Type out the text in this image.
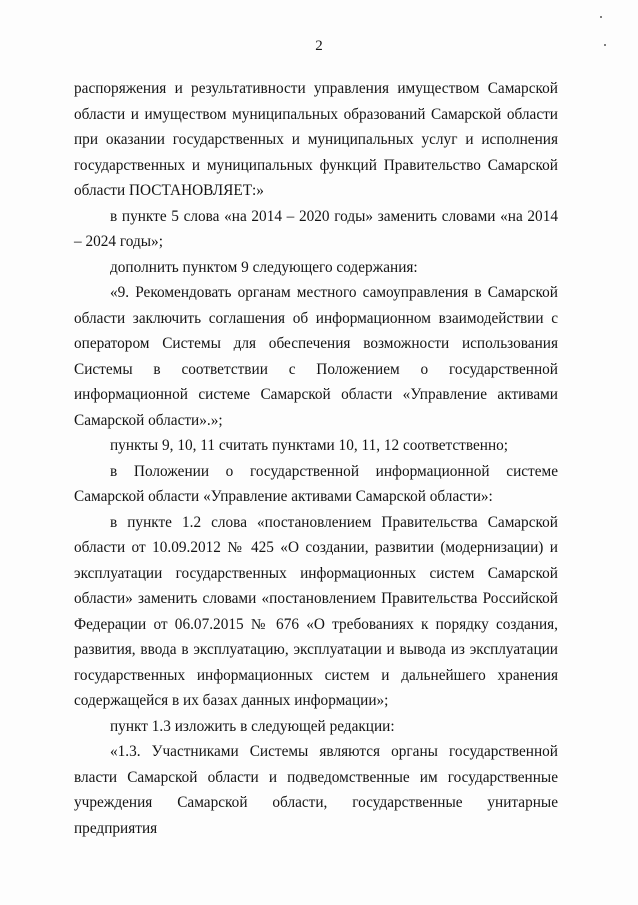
2

распоряжения и результативности управления имуществом Самарской области и имуществом муниципальных образований Самарской области при оказании государственных и муниципальных услуг и исполнения государственных и муниципальных функций Правительство Самарской области ПОСТАНОВЛЯЕТ:»

в пункте 5 слова «на 2014 – 2020 годы» заменить словами «на 2014 – 2024 годы»;

дополнить пунктом 9 следующего содержания:

«9. Рекомендовать органам местного самоуправления в Самарской области заключить соглашения об информационном взаимодействии с оператором Системы для обеспечения возможности использования Системы в соответствии с Положением о государственной информационной системе Самарской области «Управление активами Самарской области».»;

пункты 9, 10, 11 считать пунктами 10, 11, 12 соответственно;

в Положении о государственной информационной системе Самарской области «Управление активами Самарской области»:

в пункте 1.2 слова «постановлением Правительства Самарской области от 10.09.2012 № 425 «О создании, развитии (модернизации) и эксплуатации государственных информационных систем Самарской области» заменить словами «постановлением Правительства Российской Федерации от 06.07.2015 № 676 «О требованиях к порядку создания, развития, ввода в эксплуатацию, эксплуатации и вывода из эксплуатации государственных информационных систем и дальнейшего хранения содержащейся в их базах данных информации»;

пункт 1.3 изложить в следующей редакции:

«1.3. Участниками Системы являются органы государственной власти Самарской области и подведомственные им государственные учреждения Самарской области, государственные унитарные предприятия
